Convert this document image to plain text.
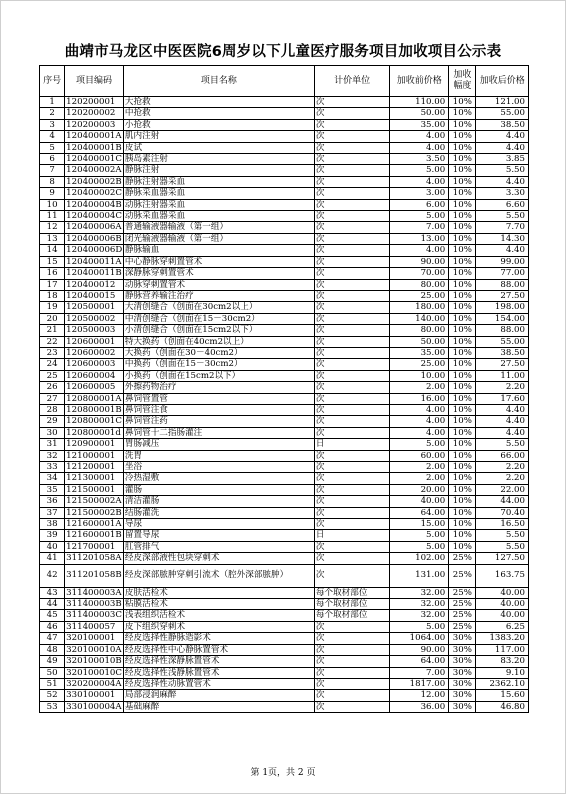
曲靖市马龙区中医医院6周岁以下儿童医疗服务项目加收项目公示表
序号	项目编码	项目名称	计价单位	加收前价格	加收幅度	加收后价格
1	120200001	大抢救	次	110.00	10%	121.00
2	120200002	中抢救	次	50.00	10%	55.00
3	120200003	小抢救	次	35.00	10%	38.50
4	120400001A	肌内注射	次	4.00	10%	4.40
5	120400001B	皮试	次	4.00	10%	4.40
6	120400001C	胰岛素注射	次	3.50	10%	3.85
7	120400002A	静脉注射	次	5.00	10%	5.50
8	120400002B	静脉注射器采血	次	4.00	10%	4.40
9	120400002C	静脉采血器采血	次	3.00	10%	3.30
10	120400004B	动脉注射器采血	次	6.00	10%	6.60
11	120400004C	动脉采血器采血	次	5.00	10%	5.50
12	120400006A	普通输液器输液（第一组）	次	7.00	10%	7.70
13	120400006B	闭光输液器输液（第一组）	次	13.00	10%	14.30
14	120400006D	静脉输血	次	4.00	10%	4.40
15	120400011A	中心静脉穿刺置管术	次	90.00	10%	99.00
16	120400011B	深静脉穿刺置管术	次	70.00	10%	77.00
17	120400012	动脉穿刺置管术	次	80.00	10%	88.00
18	120400015	静脉营养输注治疗	次	25.00	10%	27.50
19	120500001	大清创缝合（创面在30cm2以上）	次	180.00	10%	198.00
20	120500002	中清创缝合（创面在15－30cm2）	次	140.00	10%	154.00
21	120500003	小清创缝合（创面在15cm2以下）	次	80.00	10%	88.00
22	120600001	特大换药（创面在40cm2以上）	次	50.00	10%	55.00
23	120600002	大换药（创面在30－40cm2）	次	35.00	10%	38.50
24	120600003	中换药（创面在15－30cm2）	次	25.00	10%	27.50
25	120600004	小换药（创面在15cm2以下）	次	10.00	10%	11.00
26	120600005	外擦药物治疗	次	2.00	10%	2.20
27	120800001A	鼻饲管置管	次	16.00	10%	17.60
28	120800001B	鼻饲管注食	次	4.00	10%	4.40
29	120800001C	鼻饲管注药	次	4.00	10%	4.40
30	120800001d	鼻饲管十二指肠灌注	次	4.00	10%	4.40
31	120900001	胃肠减压	日	5.00	10%	5.50
32	121000001	洗胃	次	60.00	10%	66.00
33	121200001	坐浴	次	2.00	10%	2.20
34	121300001	冷热湿敷	次	2.00	10%	2.20
35	121500001	灌肠	次	20.00	10%	22.00
36	121500002A	清洁灌肠	次	40.00	10%	44.00
37	121500002B	结肠灌洗	次	64.00	10%	70.40
38	121600001A	导尿	次	15.00	10%	16.50
39	121600001B	留置导尿	日	5.00	10%	5.50
40	121700001	肛管排气	次	5.00	10%	5.50
41	311201058A	经皮深部液性包块穿刺术	次	102.00	25%	127.50
42	311201058B	经皮深部脓肿穿刺引流术（腔外深部脓肿）	次	131.00	25%	163.75
43	311400003A	皮肤活检术	每个取材部位	32.00	25%	40.00
44	311400003B	粘膜活检术	每个取材部位	32.00	25%	40.00
45	311400003C	浅表组织活检术	每个取材部位	32.00	25%	40.00
46	311400057	皮下组织穿刺术	次	5.00	25%	6.25
47	320100001	经皮选择性静脉造影术	次	1064.00	30%	1383.20
48	320100010A	经皮选择性中心静脉置管术	次	90.00	30%	117.00
49	320100010B	经皮选择性深静脉置管术	次	64.00	30%	83.20
50	320100010C	经皮选择性浅静脉置管术	次	7.00	30%	9.10
51	320200004A	经皮选择性动脉置管术	次	1817.00	30%	2362.10
52	330100001	局部浸润麻醉	次	12.00	30%	15.60
53	330100004A	基础麻醉	次	36.00	30%	46.80
第 1页，共 2 页
